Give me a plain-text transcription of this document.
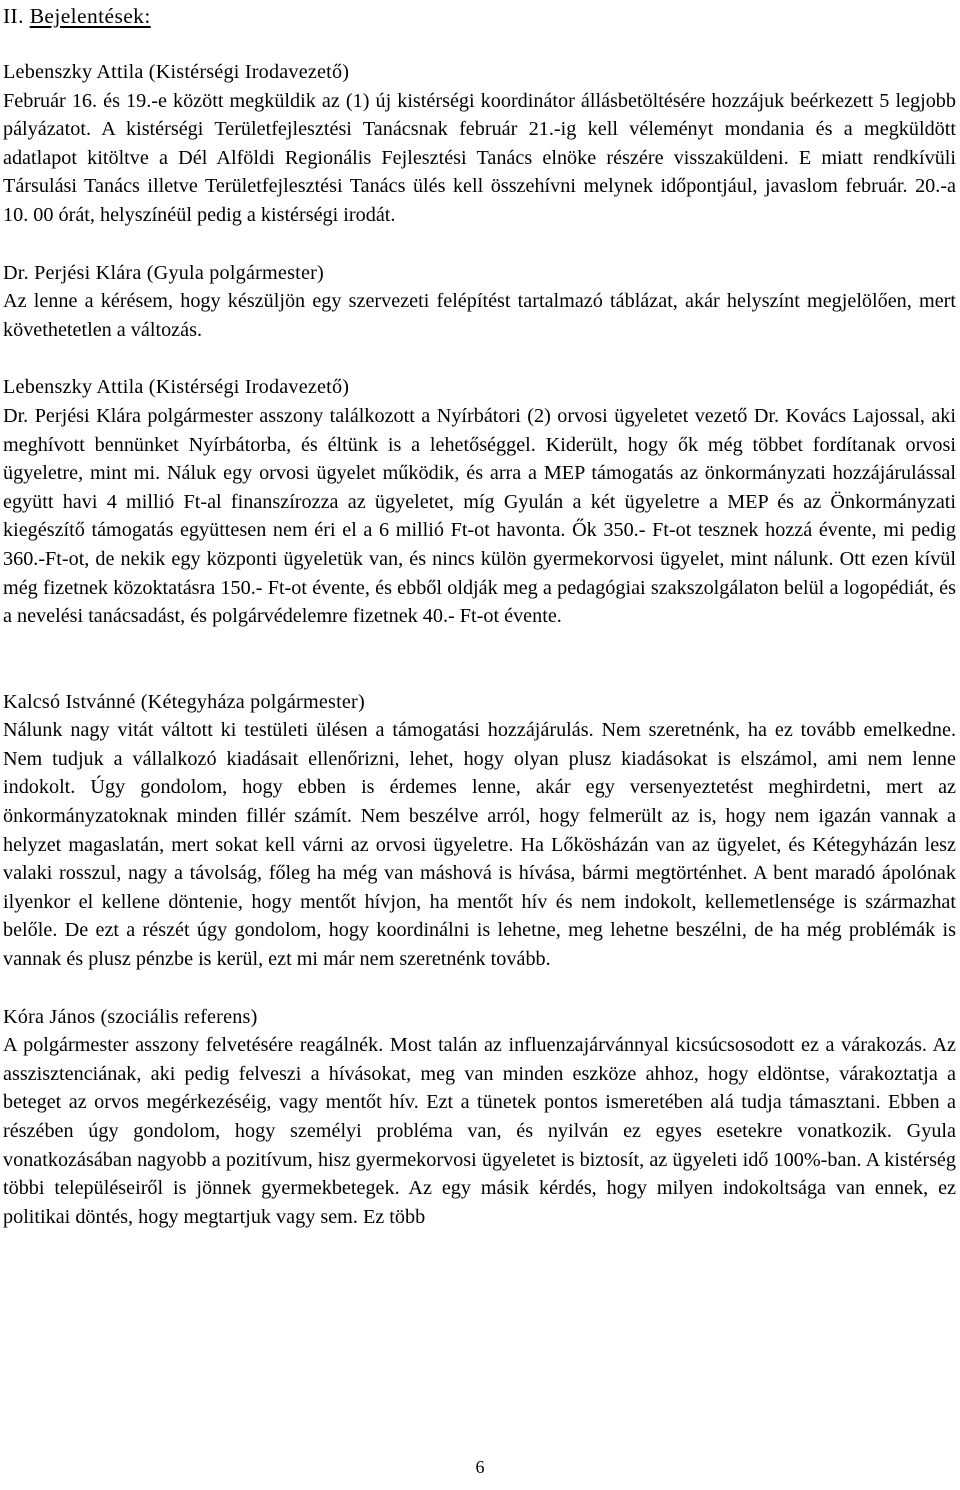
II. Bejelentések:
Lebenszky Attila (Kistérségi Irodavezető)
Február 16. és 19.-e között megküldik az (1) új kistérségi koordinátor állásbetöltésére hozzájuk beérkezett 5 legjobb pályázatot. A kistérségi Területfejlesztési Tanácsnak február 21.-ig kell véleményt mondania és a megküldött adatlapot kitöltve a Dél Alföldi Regionális Fejlesztési Tanács elnöke részére visszaküldeni. E miatt rendkívüli Társulási Tanács illetve Területfejlesztési Tanács ülés kell összehívni melynek időpontjául, javaslom február. 20.-a 10. 00 órát, helyszínéül pedig a kistérségi irodát.
Dr. Perjési Klára (Gyula polgármester)
Az lenne a kérésem, hogy készüljön egy szervezeti felépítést tartalmazó táblázat, akár helyszínt megjelölően, mert követhetetlen a változás.
Lebenszky Attila (Kistérségi Irodavezető)
Dr. Perjési Klára polgármester asszony találkozott a Nyírbátori (2) orvosi ügyeletet vezető Dr. Kovács Lajossal, aki meghívott bennünket Nyírbátorba, és éltünk is a lehetőséggel. Kiderült, hogy ők még többet fordítanak orvosi ügyeletre, mint mi. Náluk egy orvosi ügyelet működik, és arra a MEP támogatás az önkormányzati hozzájárulással együtt havi 4 millió Ft-al finanszírozza az ügyeletet, míg Gyulán a két ügyeletre a MEP és az Önkormányzati kiegészítő támogatás együttesen nem éri el a 6 millió Ft-ot havonta. Ők 350.- Ft-ot tesznek hozzá évente, mi pedig 360.-Ft-ot, de nekik egy központi ügyeletük van, és nincs külön gyermekorvosi ügyelet, mint nálunk. Ott ezen kívül még fizetnek közoktatásra 150.- Ft-ot évente, és ebből oldják meg a pedagógiai szakszolgálaton belül a logopédiát, és a nevelési tanácsadást, és polgárvédelemre fizetnek 40.- Ft-ot évente.
Kalcsó Istvánné (Kétegyháza polgármester)
Nálunk nagy vitát váltott ki testületi ülésen a támogatási hozzájárulás. Nem szeretnénk, ha ez tovább emelkedne. Nem tudjuk a vállalkozó kiadásait ellenőrizni, lehet, hogy olyan plusz kiadásokat is elszámol, ami nem lenne indokolt. Úgy gondolom, hogy ebben is érdemes lenne, akár egy versenyeztetést meghirdetni, mert az önkormányzatoknak minden fillér számít. Nem beszélve arról, hogy felmerült az is, hogy nem igazán vannak a helyzet magaslatán, mert sokat kell várni az orvosi ügyeletre. Ha Lőkösházán van az ügyelet, és Kétegyházán lesz valaki rosszul, nagy a távolság, főleg ha még van máshová is hívása, bármi megtörténhet. A bent maradó ápolónak ilyenkor el kellene döntenie, hogy mentőt hívjon, ha mentőt hív és nem indokolt, kellemetlensége is származhat belőle. De ezt a részét úgy gondolom, hogy koordinálni is lehetne, meg lehetne beszélni, de ha még problémák is vannak és plusz pénzbe is kerül, ezt mi már nem szeretnénk tovább.
Kóra János (szociális referens)
A polgármester asszony felvetésére reagálnék. Most talán az influenzajárvánnyal kicsúcsosodott ez a várakozás. Az asszisztenciának, aki pedig felveszi a hívásokat, meg van minden eszköze ahhoz, hogy eldöntse, várakoztatja a beteget az orvos megérkezéséig, vagy mentőt hív. Ezt a tünetek pontos ismeretében alá tudja támasztani. Ebben a részében úgy gondolom, hogy személyi probléma van, és nyilván ez egyes esetekre vonatkozik. Gyula vonatkozásában nagyobb a pozitívum, hisz gyermekorvosi ügyeletet is biztosít, az ügyeleti idő 100%-ban. A kistérség többi településeiről is jönnek gyermekbetegek. Az egy másik kérdés, hogy milyen indokoltsága van ennek, ez politikai döntés, hogy megtartjuk vagy sem. Ez több
6
